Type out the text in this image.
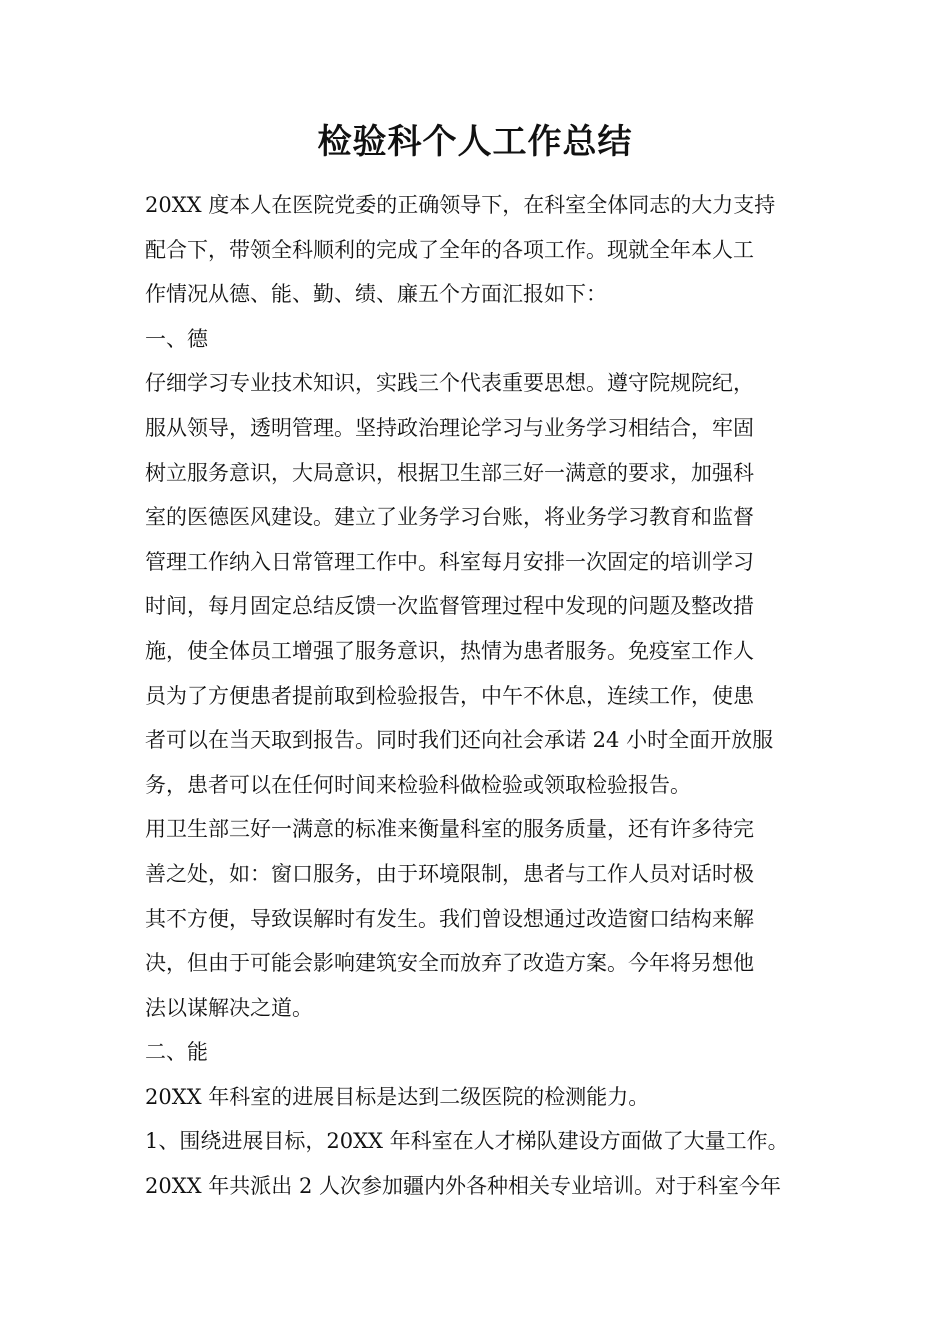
检验科个人工作总结
20XX 度本人在医院党委的正确领导下，在科室全体同志的大力支持
配合下，带领全科顺利的完成了全年的各项工作。现就全年本人工
作情况从德、能、勤、绩、廉五个方面汇报如下：
一、德
仔细学习专业技术知识，实践三个代表重要思想。遵守院规院纪，
服从领导，透明管理。坚持政治理论学习与业务学习相结合，牢固
树立服务意识，大局意识，根据卫生部三好一满意的要求，加强科
室的医德医风建设。建立了业务学习台账，将业务学习教育和监督
管理工作纳入日常管理工作中。科室每月安排一次固定的培训学习
时间，每月固定总结反馈一次监督管理过程中发现的问题及整改措
施，使全体员工增强了服务意识，热情为患者服务。免疫室工作人
员为了方便患者提前取到检验报告，中午不休息，连续工作，使患
者可以在当天取到报告。同时我们还向社会承诺 24 小时全面开放服
务，患者可以在任何时间来检验科做检验或领取检验报告。
用卫生部三好一满意的标准来衡量科室的服务质量，还有许多待完
善之处，如：窗口服务，由于环境限制，患者与工作人员对话时极
其不方便，导致误解时有发生。我们曾设想通过改造窗口结构来解
决，但由于可能会影响建筑安全而放弃了改造方案。今年将另想他
法以谋解决之道。
二、能
20XX 年科室的进展目标是达到二级医院的检测能力。
1、围绕进展目标，20XX 年科室在人才梯队建设方面做了大量工作。
20XX 年共派出 2 人次参加疆内外各种相关专业培训。对于科室今年
